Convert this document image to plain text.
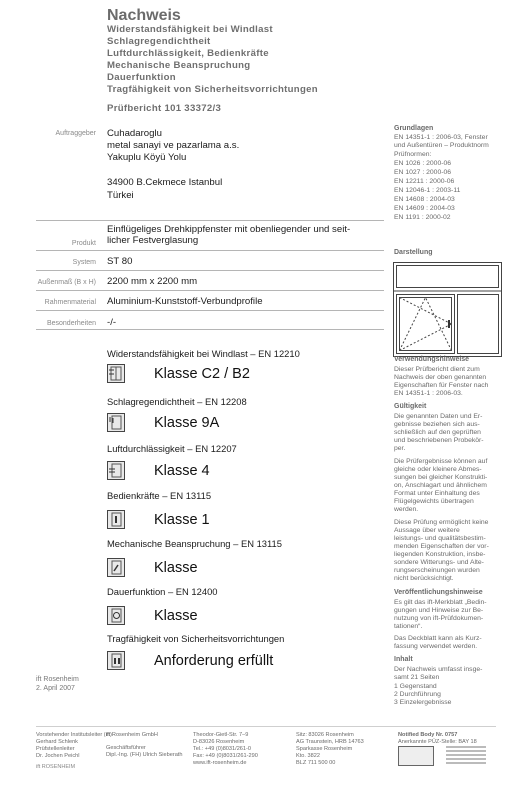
Nachweis
Widerstandsfähigkeit bei Windlast
Schlagregendichtheit
Luftdurchlässigkeit, Bedienkräfte
Mechanische Beanspruchung
Dauerfunktion
Tragfähigkeit von Sicherheitsvorrichtungen
Prüfbericht 101 33372/3
Auftraggeber Cuhadaroglu
metal sanayi ve pazarlama a.s.
Yakuplu Köyü Yolu
34900 B.Cekmece Istanbul
Türkei
Einflügeliges Drehkippfenster mit obenliegender und seit-
licher Festverglasung
Produkt
System ST 80
Außenmaß (B x H) 2200 mm x 2200 mm
Rahmenmaterial Aluminium-Kunststoff-Verbundprofile
Besonderheiten -/-
Widerstandsfähigkeit bei Windlast – EN 12210
Klasse C2 / B2
Schlagregendichtheit – EN 12208
Klasse 9A
Luftdurchlässigkeit – EN 12207
Klasse 4
Bedienkräfte – EN 13115
Klasse 1
Mechanische Beanspruchung – EN 13115
Klasse
Dauerfunktion – EN 12400
Klasse
Tragfähigkeit von Sicherheitsvorrichtungen
Anforderung erfüllt
ift Rosenheim
2. April 2007
Grundlagen
EN 14351-1 : 2006-03, Fenster
und Außentüren – Produktnorm
Prüfnormen:
EN 1026 : 2000-06
EN 1027 : 2000-06
EN 12211 : 2000-06
EN 12046-1 : 2003-11
EN 14608 : 2004-03
EN 14609 : 2004-03
EN 1191 : 2000-02
Darstellung
Verwendungshinweise
Dieser Prüfbericht dient zum
Nachweis der oben genannten
Eigenschaften für Fenster nach
EN 14351-1 : 2006-03.
Gültigkeit
Die genannten Daten und Er-
gebnisse beziehen sich aus-
schließlich auf den geprüften
und beschriebenen Probekör-
per.
Die Prüfergebnisse können auf
gleiche oder kleinere Abmes-
sungen bei gleicher Konstrukti-
on, Anschlagart und ähnlichem
Format unter Einhaltung des
Flügelgewichts übertragen
werden.
Diese Prüfung ermöglicht keine
Aussage über weitere
leistungs- und qualitätsbestim-
menden Eigenschaften der vor-
liegenden Konstruktion, insbe-
sondere Witterungs- und Alte-
rungserscheinungen wurden
nicht berücksichtigt.
Veröffentlichungshinweise
Es gilt das ift-Merkblatt „Bedin-
gungen und Hinweise zur Be-
nutzung von ift-Prüfdokumen-
tationen“.
Das Deckblatt kann als Kurz-
fassung verwendet werden.
Inhalt
Der Nachweis umfasst insge-
samt 21 Seiten
1 Gegenstand
2 Durchführung
3 Einzelergebnisse
Vorstehender Institutsleiter (ift)
Gerhard Schlenk
Prüfstellenleiter
Dr. Jochen Peichl
ift ROSENHEIM
ift Rosenheim GmbH
Geschäftsführer
Dipl.-Ing. (FH) Ulrich Sieberath
Theodor-Gietl-Str. 7–9
D-83026 Rosenheim
Tel.: +49 (0)8031/261-0
Fax: +49 (0)8031/261-290
www.ift-rosenheim.de
Sitz: 83026 Rosenheim
AG Traunstein, HRB 14763
Sparkasse Rosenheim
Kto. 3822
BLZ 711 500 00
Notified Body Nr. 0757
Anerkannte PÜZ-Stelle: BAY 18
